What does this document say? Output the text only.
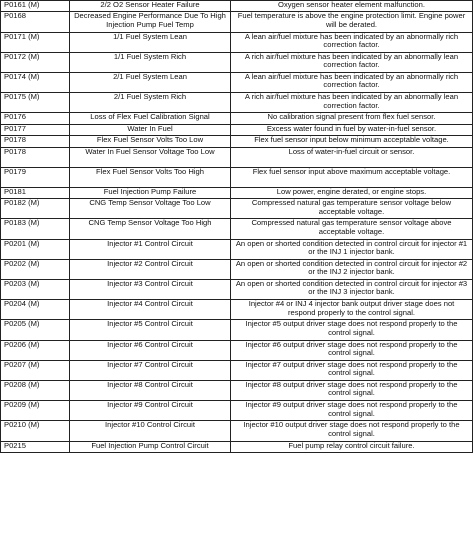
P0161 (M)	2/2 O2 Sensor Heater Failure	Oxygen sensor heater element malfunction.
P0168	Decreased Engine Performance Due To High Injection Pump Fuel Temp	Fuel temperature is above the engine protection limit. Engine power will be derated.
P0171 (M)	1/1 Fuel System Lean	A lean air/fuel mixture has been indicated by an abnormally rich correction factor.
P0172 (M)	1/1 Fuel System Rich	A rich air/fuel mixture has been indicated by an abnormally lean correction factor.
P0174 (M)	2/1 Fuel System Lean	A lean air/fuel mixture has been indicated by an abnormally rich correction factor.
P0175 (M)	2/1 Fuel System Rich	A rich air/fuel mixture has been indicated by an abnormally lean correction factor.
P0176	Loss of Flex Fuel Calibration Signal	No calibration signal present from flex fuel sensor.
P0177	Water In Fuel	Excess water found in fuel by water-in-fuel sensor.
P0178	Flex Fuel Sensor Volts Too Low	Flex fuel sensor input below minimum acceptable voltage.
P0178	Water In Fuel Sensor Voltage Too Low	Loss of water-in-fuel circuit or sensor.
P0179	Flex Fuel Sensor Volts Too High	Flex fuel sensor input above maximum acceptable voltage.
P0181	Fuel Injection Pump Failure	Low power, engine derated, or engine stops.
P0182 (M)	CNG Temp Sensor Voltage Too Low	Compressed natural gas temperature sensor voltage below acceptable voltage.
P0183 (M)	CNG Temp Sensor Voltage Too High	Compressed natural gas temperature sensor voltage above acceptable voltage.
P0201 (M)	Injector #1 Control Circuit	An open or shorted condition detected in control circuit for injector #1 or the INJ 1 injector bank.
P0202 (M)	Injector #2 Control Circuit	An open or shorted condition detected in control circuit for injector #2 or the INJ 2 injector bank.
P0203 (M)	Injector #3 Control Circuit	An open or shorted condition detected in control circuit for injector #3 or the INJ 3 injector bank.
P0204 (M)	Injector #4 Control Circuit	Injector #4 or INJ 4 injector bank output driver stage does not respond properly to the control signal.
P0205 (M)	Injector #5 Control Circuit	Injector #5 output driver stage does not respond properly to the control signal.
P0206 (M)	Injector #6 Control Circuit	Injector #6 output driver stage does not respond properly to the control signal.
P0207 (M)	Injector #7 Control Circuit	Injector #7 output driver stage does not respond properly to the control signal.
P0208 (M)	Injector #8 Control Circuit	Injector #8 output driver stage does not respond properly to the control signal.
P0209 (M)	Injector #9 Control Circuit	Injector #9 output driver stage does not respond properly to the control signal.
P0210 (M)	Injector #10 Control Circuit	Injector #10 output driver stage does not respond properly to the control signal.
P0215	Fuel Injection Pump Control Circuit	Fuel pump relay control circuit failure.
